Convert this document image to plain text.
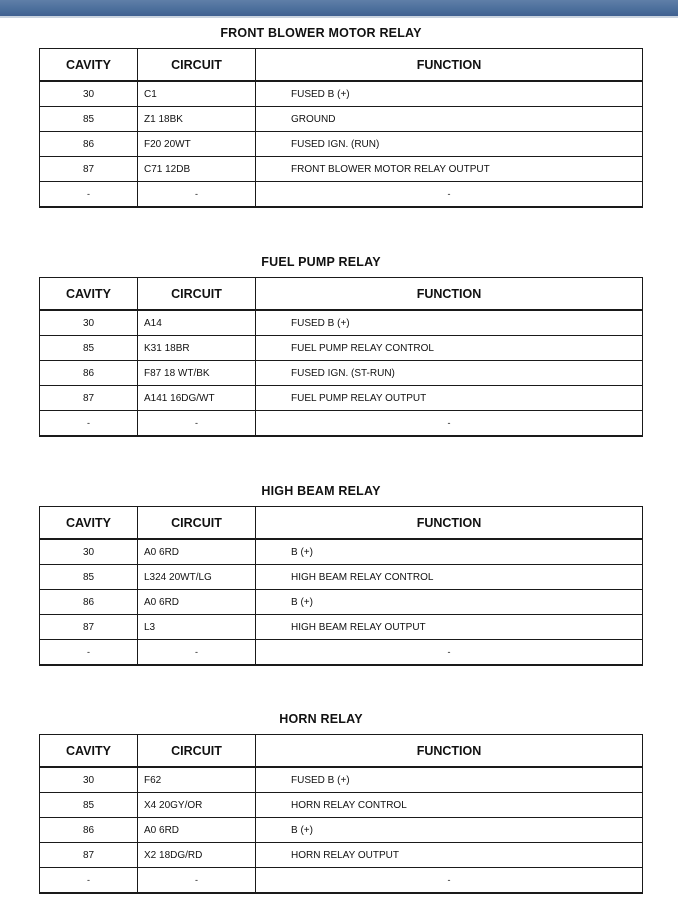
FRONT BLOWER MOTOR RELAY
CAVITY	CIRCUIT	FUNCTION
30	C1	FUSED B (+)
85	Z1 18BK	GROUND
86	F20 20WT	FUSED IGN. (RUN)
87	C71 12DB	FRONT BLOWER MOTOR RELAY OUTPUT
-	-	-
FUEL PUMP RELAY
CAVITY	CIRCUIT	FUNCTION
30	A14	FUSED B (+)
85	K31 18BR	FUEL PUMP RELAY CONTROL
86	F87 18 WT/BK	FUSED IGN. (ST-RUN)
87	A141 16DG/WT	FUEL PUMP RELAY OUTPUT
-	-	-
HIGH BEAM RELAY
CAVITY	CIRCUIT	FUNCTION
30	A0 6RD	B (+)
85	L324 20WT/LG	HIGH BEAM RELAY CONTROL
86	A0 6RD	B (+)
87	L3	HIGH BEAM RELAY OUTPUT
-	-	-
HORN RELAY
CAVITY	CIRCUIT	FUNCTION
30	F62	FUSED B (+)
85	X4 20GY/OR	HORN RELAY CONTROL
86	A0 6RD	B (+)
87	X2 18DG/RD	HORN RELAY OUTPUT
-	-	-
